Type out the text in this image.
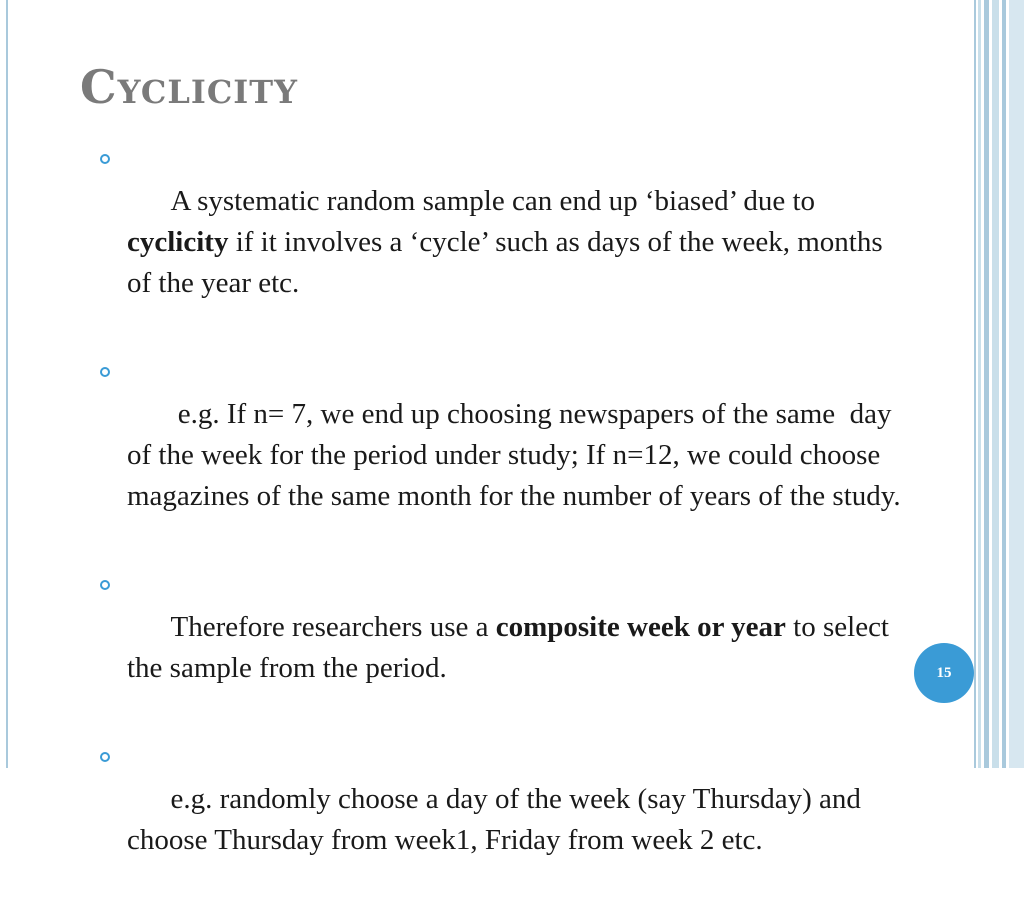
Cyclicity

A systematic random sample can end up ‘biased’ due to cyclicity if it involves a ‘cycle’ such as days of the week, months of the year etc.

e.g. If n= 7, we end up choosing newspapers of the same  day of the week for the period under study; If n=12, we could choose magazines of the same month for the number of years of the study.

Therefore researchers use a composite week or year to select the sample from the period.

e.g. randomly choose a day of the week (say Thursday) and choose Thursday from week1, Friday from week 2 etc.

15
